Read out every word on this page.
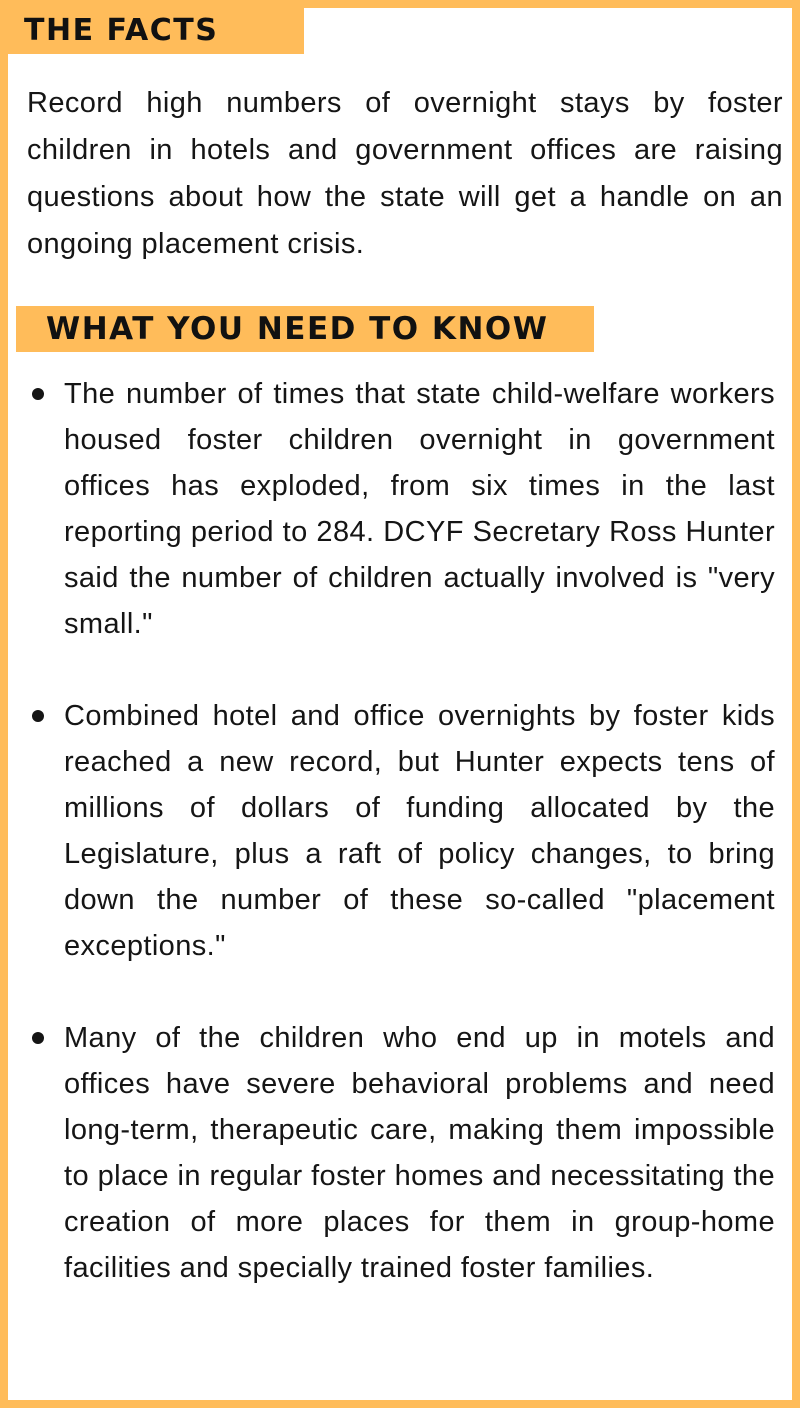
THE FACTS

Record high numbers of overnight stays by foster children in hotels and government offices are raising questions about how the state will get a handle on an ongoing placement crisis.

WHAT YOU NEED TO KNOW
The number of times that state child-welfare workers housed foster children overnight in government offices has exploded, from six times in the last reporting period to 284. DCYF Secretary Ross Hunter said the number of children actually involved is "very small."
Combined hotel and office overnights by foster kids reached a new record, but Hunter expects tens of millions of dollars of funding allocated by the Legislature, plus a raft of policy changes, to bring down the number of these so-called "placement exceptions."
Many of the children who end up in motels and offices have severe behavioral problems and need long-term, therapeutic care, making them impossible to place in regular foster homes and necessitating the creation of more places for them in group-home facilities and specially trained foster families.
